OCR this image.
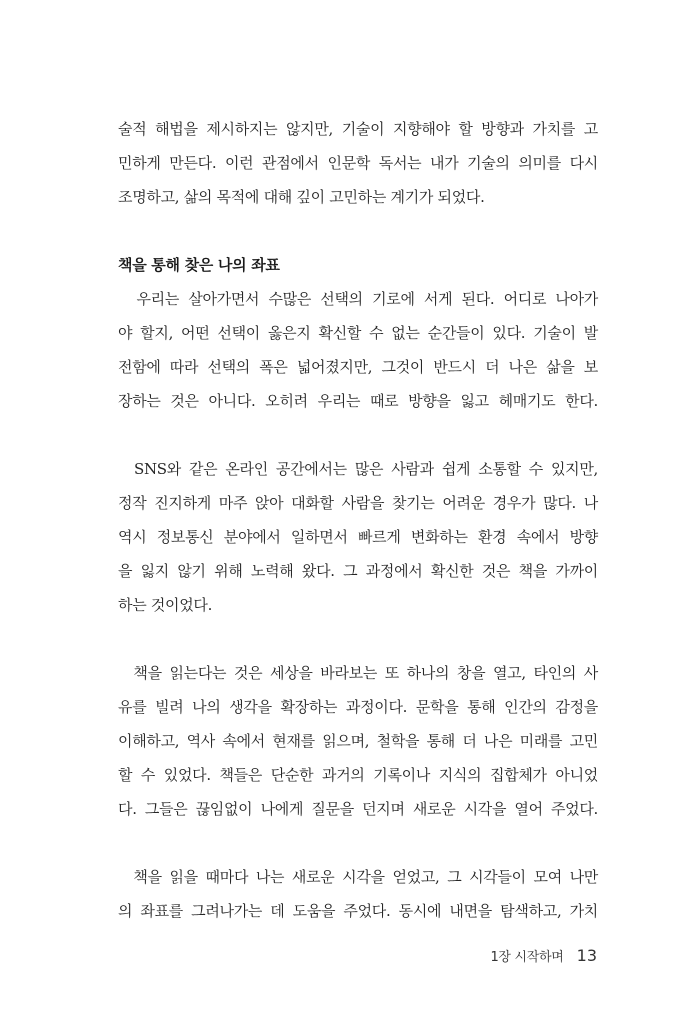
술적 해법을 제시하지는 않지만, 기술이 지향해야 할 방향과 가치를 고
민하게 만든다. 이런 관점에서 인문학 독서는 내가 기술의 의미를 다시
조명하고, 삶의 목적에 대해 깊이 고민하는 계기가 되었다.
책을 통해 찾은 나의 좌표
우리는 살아가면서 수많은 선택의 기로에 서게 된다. 어디로 나아가
야 할지, 어떤 선택이 옳은지 확신할 수 없는 순간들이 있다. 기술이 발
전함에 따라 선택의 폭은 넓어졌지만, 그것이 반드시 더 나은 삶을 보
장하는 것은 아니다. 오히려 우리는 때로 방향을 잃고 헤매기도 한다.
SNS와 같은 온라인 공간에서는 많은 사람과 쉽게 소통할 수 있지만,
정작 진지하게 마주 앉아 대화할 사람을 찾기는 어려운 경우가 많다. 나
역시 정보통신 분야에서 일하면서 빠르게 변화하는 환경 속에서 방향
을 잃지 않기 위해 노력해 왔다. 그 과정에서 확신한 것은 책을 가까이
하는 것이었다.
책을 읽는다는 것은 세상을 바라보는 또 하나의 창을 열고, 타인의 사
유를 빌려 나의 생각을 확장하는 과정이다. 문학을 통해 인간의 감정을
이해하고, 역사 속에서 현재를 읽으며, 철학을 통해 더 나은 미래를 고민
할 수 있었다. 책들은 단순한 과거의 기록이나 지식의 집합체가 아니었
다. 그들은 끊임없이 나에게 질문을 던지며 새로운 시각을 열어 주었다.
책을 읽을 때마다 나는 새로운 시각을 얻었고, 그 시각들이 모여 나만
의 좌표를 그려나가는 데 도움을 주었다. 동시에 내면을 탐색하고, 가치
1장 시작하며 13
